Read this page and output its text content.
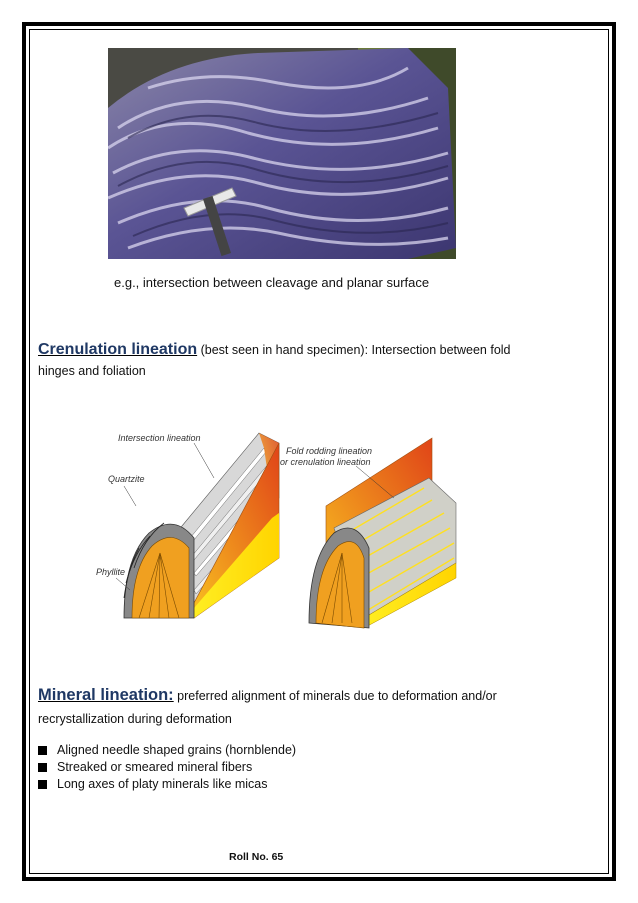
e.g., intersection between cleavage and planar surface
Crenulation lineation (best seen in hand specimen): Intersection between fold
hinges and foliation
Intersection lineation
Quartzite
Phyllite
Fold rodding lineation
or crenulation lineation
Mineral lineation: preferred alignment of minerals due to deformation and/or
recrystallization during deformation
Aligned needle shaped grains (hornblende)
Streaked or smeared mineral fibers
Long axes of platy minerals like micas
Roll No. 65
